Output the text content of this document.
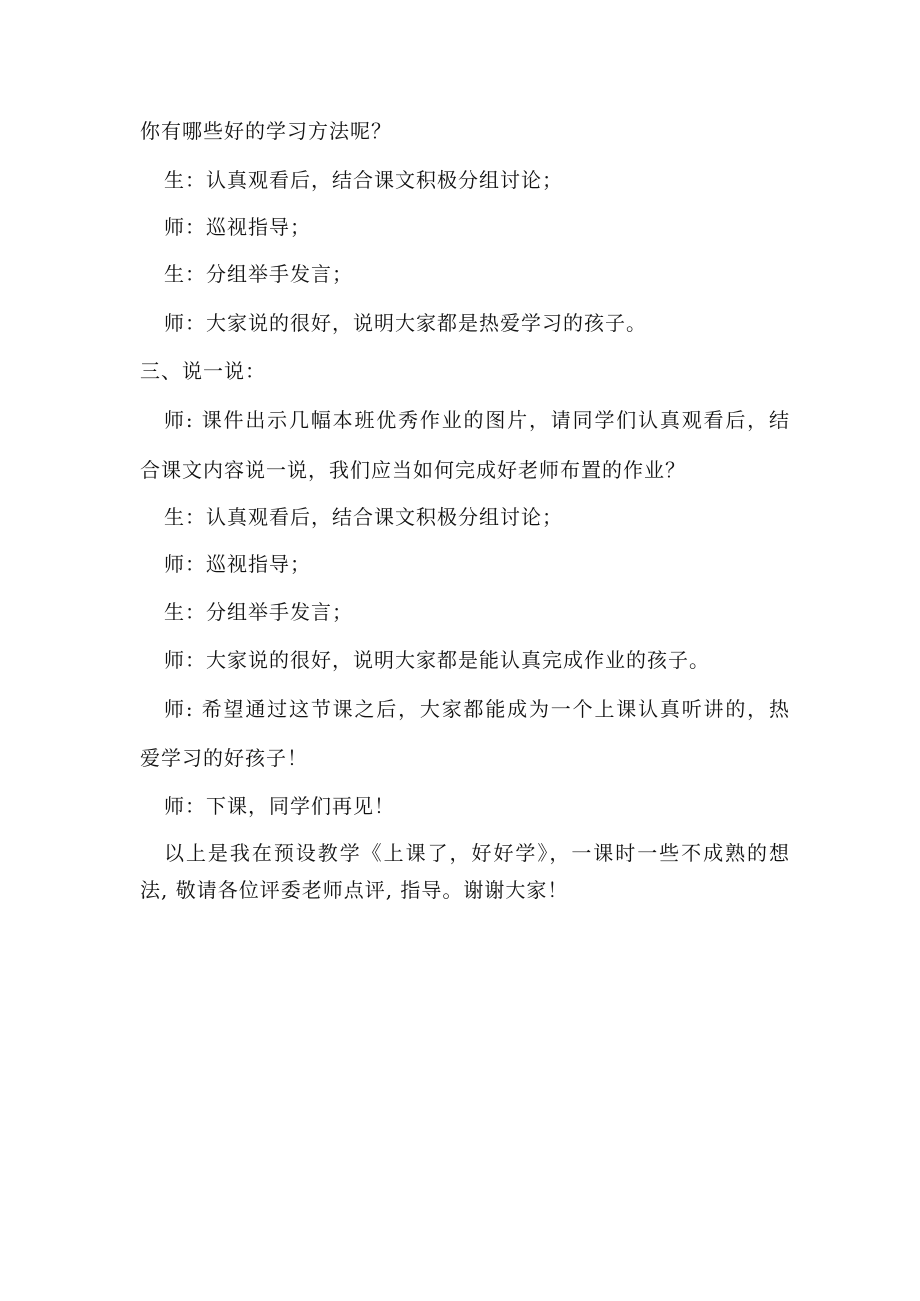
你有哪些好的学习方法呢？
生：认真观看后，结合课文积极分组讨论；
师：巡视指导；
生：分组举手发言；
师：大家说的很好，说明大家都是热爱学习的孩子。
三、说一说：
师: 课件出示几幅本班优秀作业的图片，请同学们认真观看后，结
合课文内容说一说，我们应当如何完成好老师布置的作业？
生：认真观看后，结合课文积极分组讨论；
师：巡视指导；
生：分组举手发言；
师：大家说的很好，说明大家都是能认真完成作业的孩子。
师: 希望通过这节课之后，大家都能成为一个上课认真听讲的，热
爱学习的好孩子！
师：下课，同学们再见！
以上是我在预设教学《上课了，好好学》，一课时一些不成熟的想
法, 敬请各位评委老师点评, 指导。谢谢大家！
